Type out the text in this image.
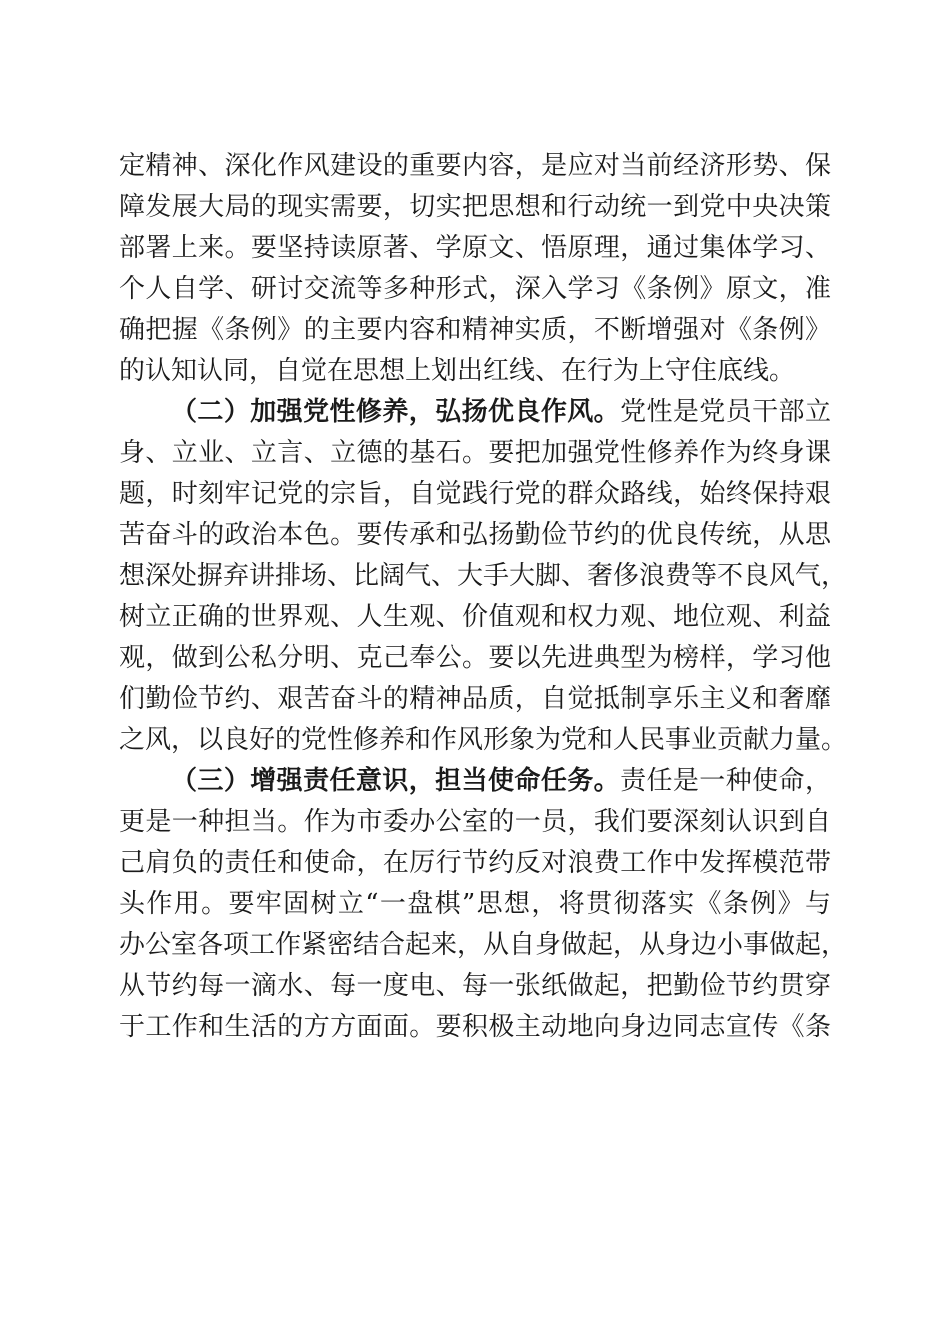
定精神、深化作风建设的重要内容，是应对当前经济形势、保
障发展大局的现实需要，切实把思想和行动统一到党中央决策
部署上来。要坚持读原著、学原文、悟原理，通过集体学习、
个人自学、研讨交流等多种形式，深入学习《条例》原文，准
确把握《条例》的主要内容和精神实质，不断增强对《条例》
的认知认同，自觉在思想上划出红线、在行为上守住底线。
（二）加强党性修养，弘扬优良作风。党性是党员干部立
身、立业、立言、立德的基石。要把加强党性修养作为终身课
题，时刻牢记党的宗旨，自觉践行党的群众路线，始终保持艰
苦奋斗的政治本色。要传承和弘扬勤俭节约的优良传统，从思
想深处摒弃讲排场、比阔气、大手大脚、奢侈浪费等不良风气，
树立正确的世界观、人生观、价值观和权力观、地位观、利益
观，做到公私分明、克己奉公。要以先进典型为榜样，学习他
们勤俭节约、艰苦奋斗的精神品质，自觉抵制享乐主义和奢靡
之风，以良好的党性修养和作风形象为党和人民事业贡献力量。
（三）增强责任意识，担当使命任务。责任是一种使命，
更是一种担当。作为市委办公室的一员，我们要深刻认识到自
己肩负的责任和使命，在厉行节约反对浪费工作中发挥模范带
头作用。要牢固树立“一盘棋”思想，将贯彻落实《条例》与
办公室各项工作紧密结合起来，从自身做起，从身边小事做起，
从节约每一滴水、每一度电、每一张纸做起，把勤俭节约贯穿
于工作和生活的方方面面。要积极主动地向身边同志宣传《条
